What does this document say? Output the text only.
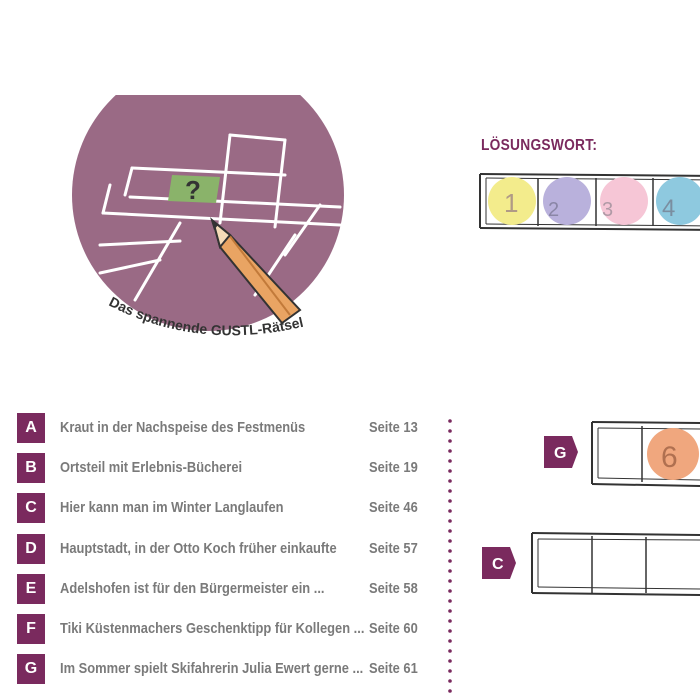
?
Das spannende GUSTL-Rätsel
LÖSUNGSWORT:
1 2 3 4
A	Kraut in der Nachspeise des Festmenüs	Seite 13
B	Ortsteil mit Erlebnis-Bücherei	Seite 19
C	Hier kann man im Winter Langlaufen	Seite 46
D	Hauptstadt, in der Otto Koch früher einkaufte Seite 57
E	Adelshofen ist für den Bürgermeister ein ...	Seite 58
F	Tiki Küstenmachers Geschenktipp für Kollegen ... Seite 60
G	Im Sommer spielt Skifahrerin Julia Ewert gerne ... Seite 61
G	6
C
